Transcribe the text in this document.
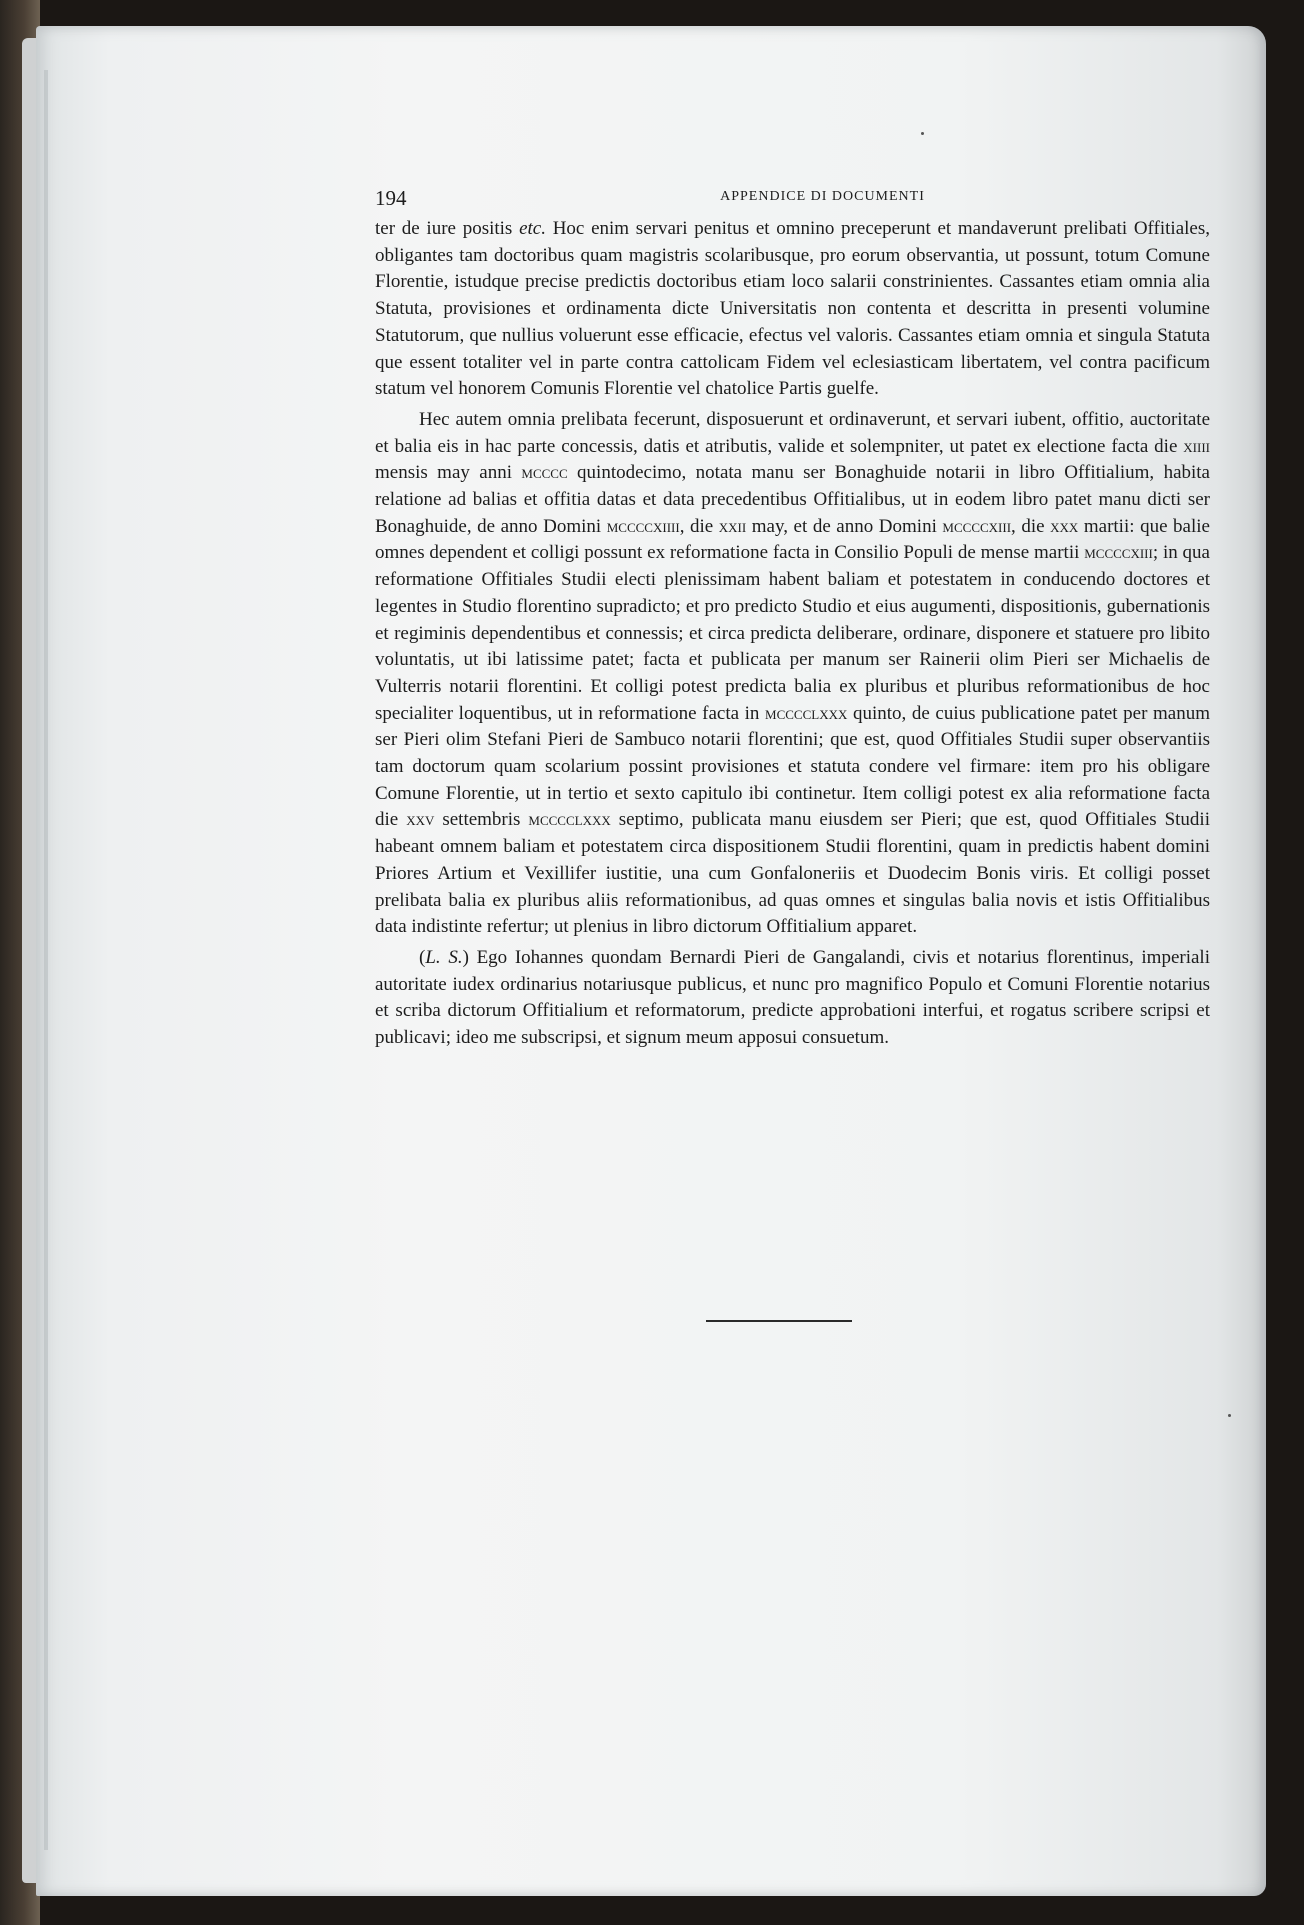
194	APPENDICE DI DOCUMENTI

ter de iure positis etc. Hoc enim servari penitus et omnino preceperunt et mandaverunt prelibati Offitiales, obligantes tam doctoribus quam magistris scolaribusque, pro eorum observantia, ut possunt, totum Comune Florentie, istudque precise predictis doctoribus etiam loco salarii constrinientes. Cassantes etiam omnia alia Statuta, provisiones et ordinamenta dicte Universitatis non contenta et descritta in presenti volumine Statutorum, que nullius voluerunt esse efficacie, efectus vel valoris. Cassantes etiam omnia et singula Statuta que essent totaliter vel in parte contra cattolicam Fidem vel eclesiasticam libertatem, vel contra pacificum statum vel honorem Comunis Florentie vel chatolice Partis guelfe.

Hec autem omnia prelibata fecerunt, disposuerunt et ordinaverunt, et servari iubent, offitio, auctoritate et balia eis in hac parte concessis, datis et atributis, valide et solempniter, ut patet ex electione facta die xiiii mensis may anni mcccc quintodecimo, notata manu ser Bonaghuide notarii in libro Offitialium, habita relatione ad balias et offitia datas et data precedentibus Offitialibus, ut in eodem libro patet manu dicti ser Bonaghuide, de anno Domini mccccxiiii, die xxii may, et de anno Domini mccccxiii, die xxx martii: que balie omnes dependent et colligi possunt ex reformatione facta in Consilio Populi de mense martii mccccxiii; in qua reformatione Offitiales Studii electi plenissimam habent baliam et potestatem in conducendo doctores et legentes in Studio florentino supradicto; et pro predicto Studio et eius augumenti, dispositionis, gubernationis et regiminis dependentibus et connessis; et circa predicta deliberare, ordinare, disponere et statuere pro libito voluntatis, ut ibi latissime patet; facta et publicata per manum ser Rainerii olim Pieri ser Michaelis de Vulterris notarii florentini. Et colligi potest predicta balia ex pluribus et pluribus reformationibus de hoc specialiter loquentibus, ut in reformatione facta in mcccclxxx quinto, de cuius publicatione patet per manum ser Pieri olim Stefani Pieri de Sambuco notarii florentini; que est, quod Offitiales Studii super observantiis tam doctorum quam scolarium possint provisiones et statuta condere vel firmare: item pro his obligare Comune Florentie, ut in tertio et sexto capitulo ibi continetur. Item colligi potest ex alia reformatione facta die xxv settembris mcccclxxx septimo, publicata manu eiusdem ser Pieri; que est, quod Offitiales Studii habeant omnem baliam et potestatem circa dispositionem Studii florentini, quam in predictis habent domini Priores Artium et Vexillifer iustitie, una cum Gonfaloneriis et Duodecim Bonis viris. Et colligi posset prelibata balia ex pluribus aliis reformationibus, ad quas omnes et singulas balia novis et istis Offitialibus data indistinte refertur; ut plenius in libro dictorum Offitialium apparet.

(L. S.) Ego Iohannes quondam Bernardi Pieri de Gangalandi, civis et notarius florentinus, imperiali autoritate iudex ordinarius notariusque publicus, et nunc pro magnifico Populo et Comuni Florentie notarius et scriba dictorum Offitialium et reformatorum, predicte approbationi interfui, et rogatus scribere scripsi et publicavi; ideo me subscripsi, et signum meum apposui consuetum.
